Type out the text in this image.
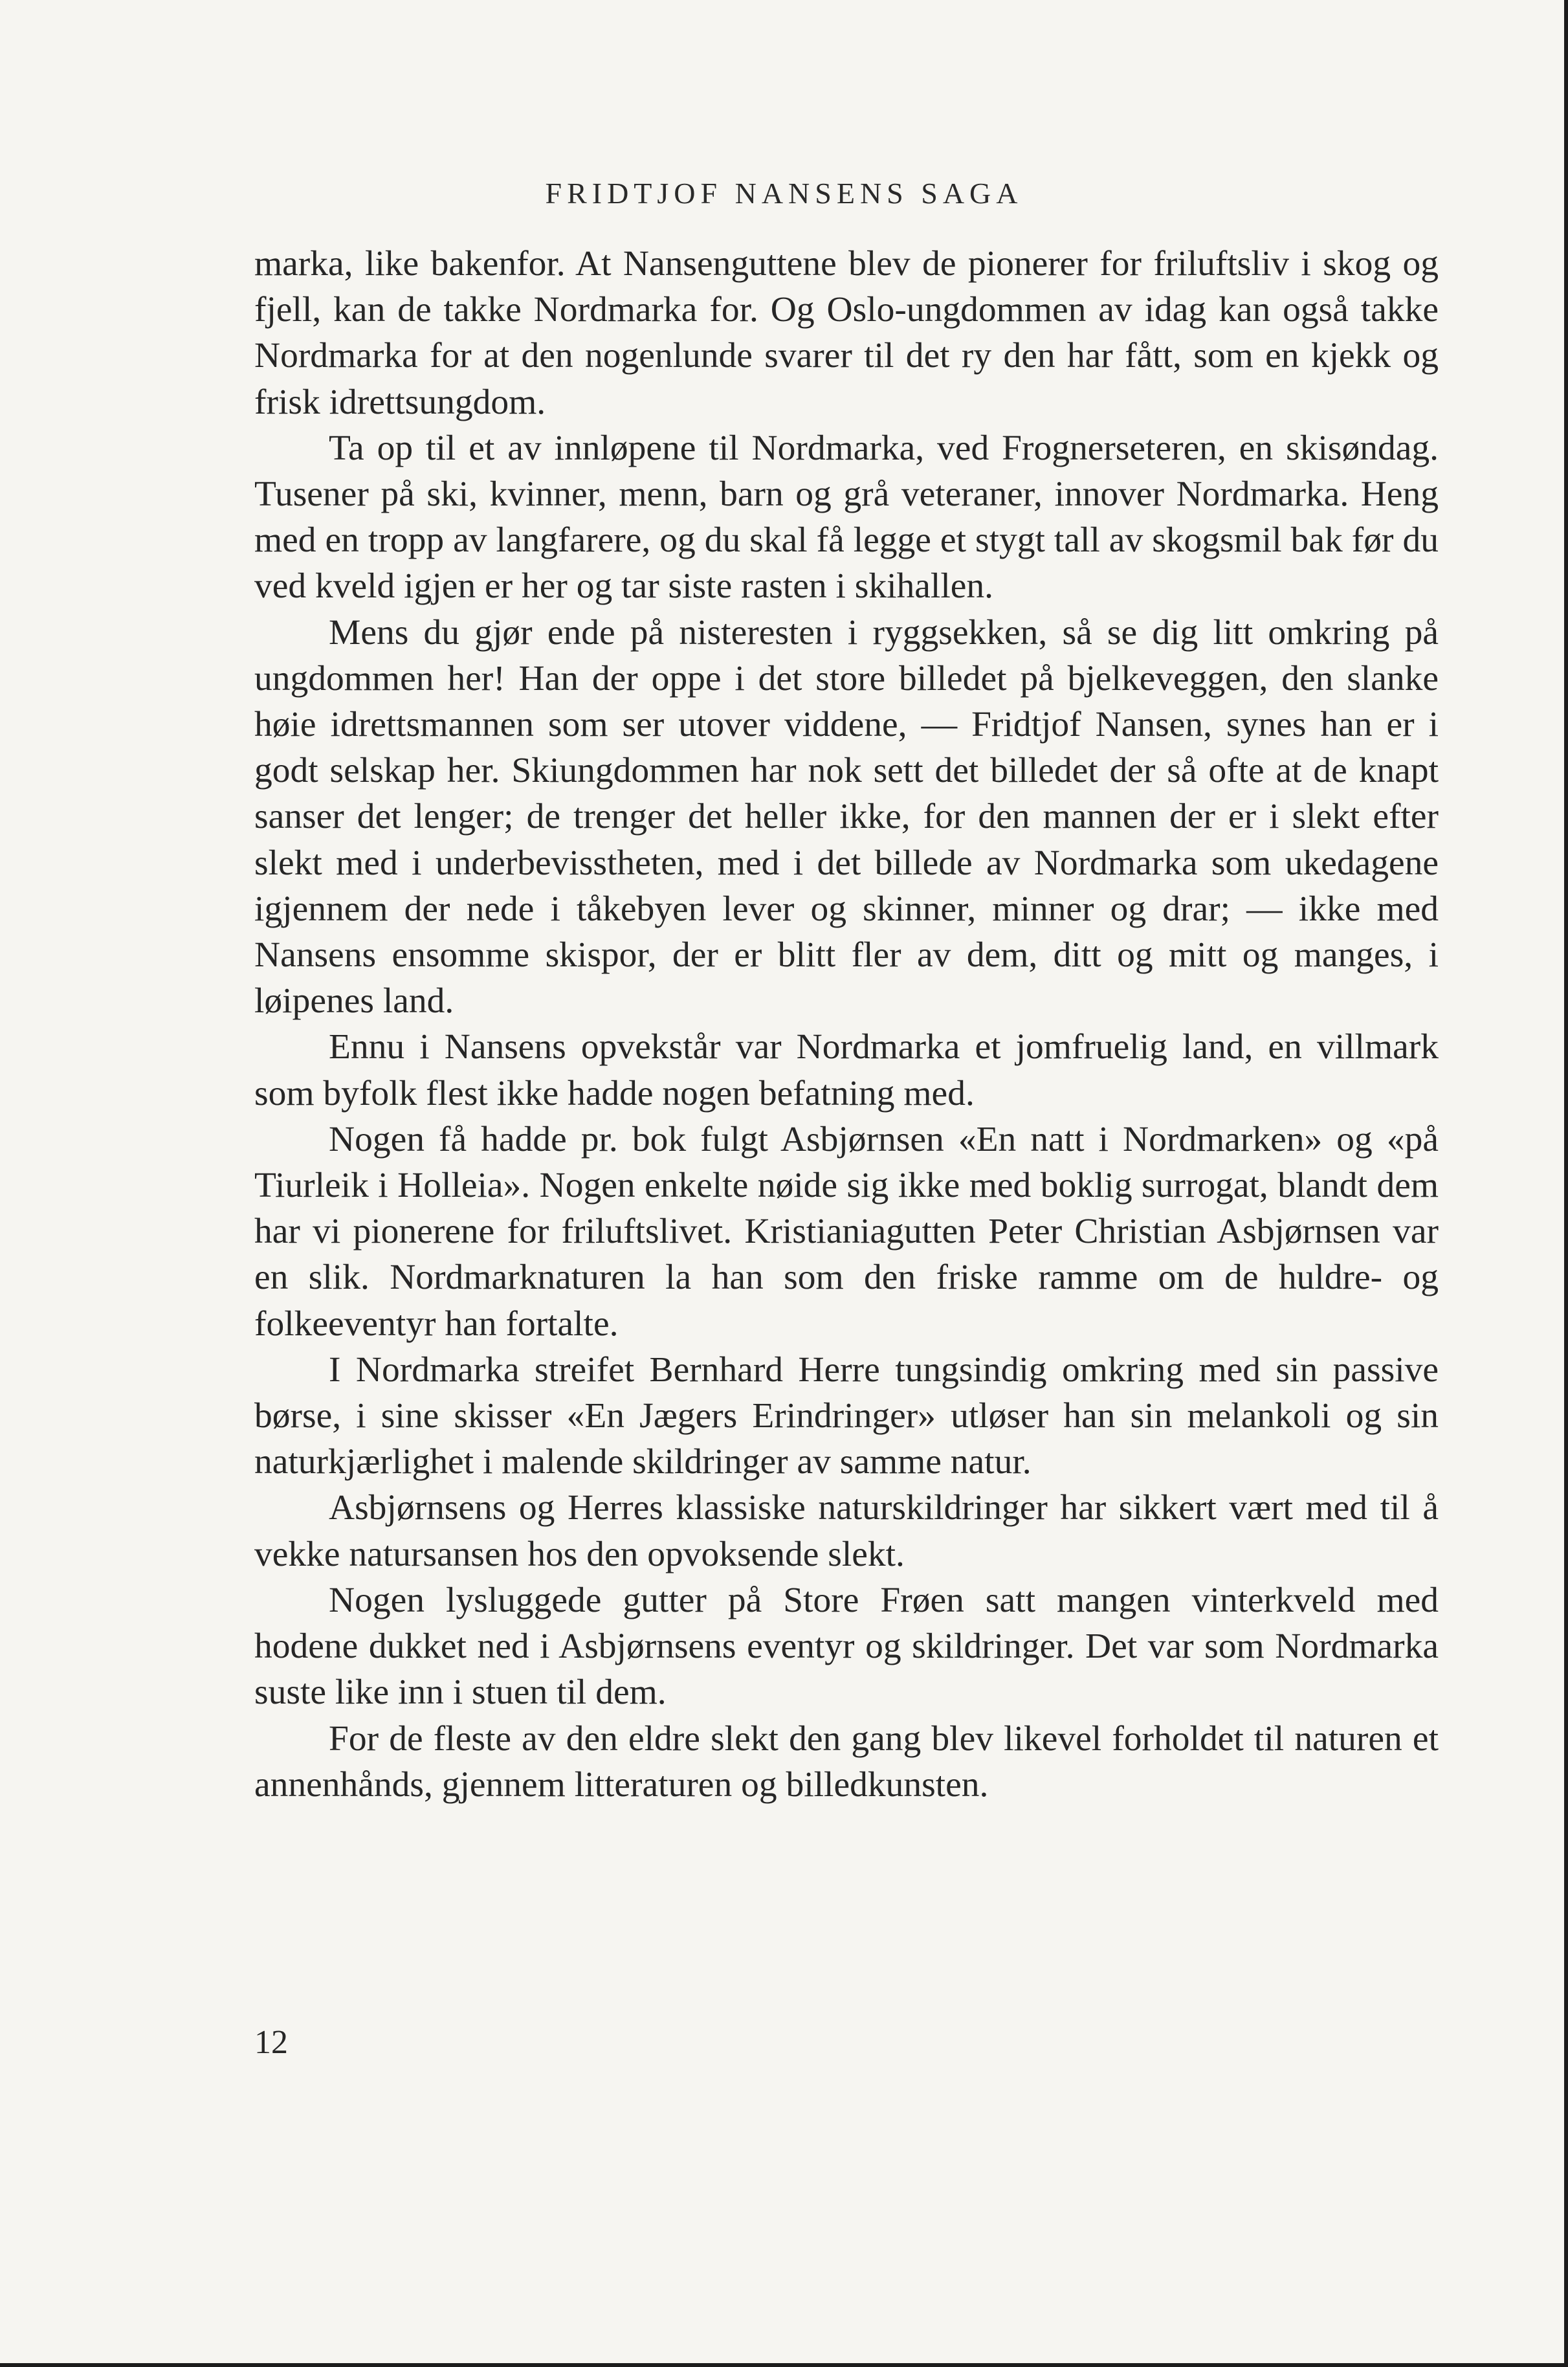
FRIDTJOF NANSENS SAGA

marka, like bakenfor. At Nansenguttene blev de pionerer for friluftsliv i skog og fjell, kan de takke Nordmarka for. Og Oslo-ungdommen av idag kan også takke Nordmarka for at den nogenlunde svarer til det ry den har fått, som en kjekk og frisk idrettsungdom.

Ta op til et av innløpene til Nordmarka, ved Frognerseteren, en skisøndag. Tusener på ski, kvinner, menn, barn og grå veteraner, innover Nordmarka. Heng med en tropp av langfarere, og du skal få legge et stygt tall av skogsmil bak før du ved kveld igjen er her og tar siste rasten i skihallen.

Mens du gjør ende på nisteresten i ryggsekken, så se dig litt omkring på ungdommen her! Han der oppe i det store billedet på bjelkeveggen, den slanke høie idrettsmannen som ser utover viddene, — Fridtjof Nansen, synes han er i godt selskap her. Skiungdommen har nok sett det billedet der så ofte at de knapt sanser det lenger; de trenger det heller ikke, for den mannen der er i slekt efter slekt med i underbevisstheten, med i det billede av Nordmarka som ukedagene igjennem der nede i tåkebyen lever og skinner, minner og drar; — ikke med Nansens ensomme skispor, der er blitt fler av dem, ditt og mitt og manges, i løipenes land.

Ennu i Nansens opvekstår var Nordmarka et jomfruelig land, en villmark som byfolk flest ikke hadde nogen befatning med.

Nogen få hadde pr. bok fulgt Asbjørnsen «En natt i Nordmarken» og «på Tiurleik i Holleia». Nogen enkelte nøide sig ikke med boklig surrogat, blandt dem har vi pionerene for friluftslivet. Kristianiagutten Peter Christian Asbjørnsen var en slik. Nordmarknaturen la han som den friske ramme om de huldre- og folkeeventyr han fortalte.

I Nordmarka streifet Bernhard Herre tungsindig omkring med sin passive børse, i sine skisser «En Jægers Erindringer» utløser han sin melankoli og sin naturkjærlighet i malende skildringer av samme natur.

Asbjørnsens og Herres klassiske naturskildringer har sikkert vært med til å vekke natursansen hos den opvoksende slekt.

Nogen lysluggede gutter på Store Frøen satt mangen vinterkveld med hodene dukket ned i Asbjørnsens eventyr og skildringer. Det var som Nordmarka suste like inn i stuen til dem.

For de fleste av den eldre slekt den gang blev likevel forholdet til naturen et annenhånds, gjennem litteraturen og billedkunsten.

12
